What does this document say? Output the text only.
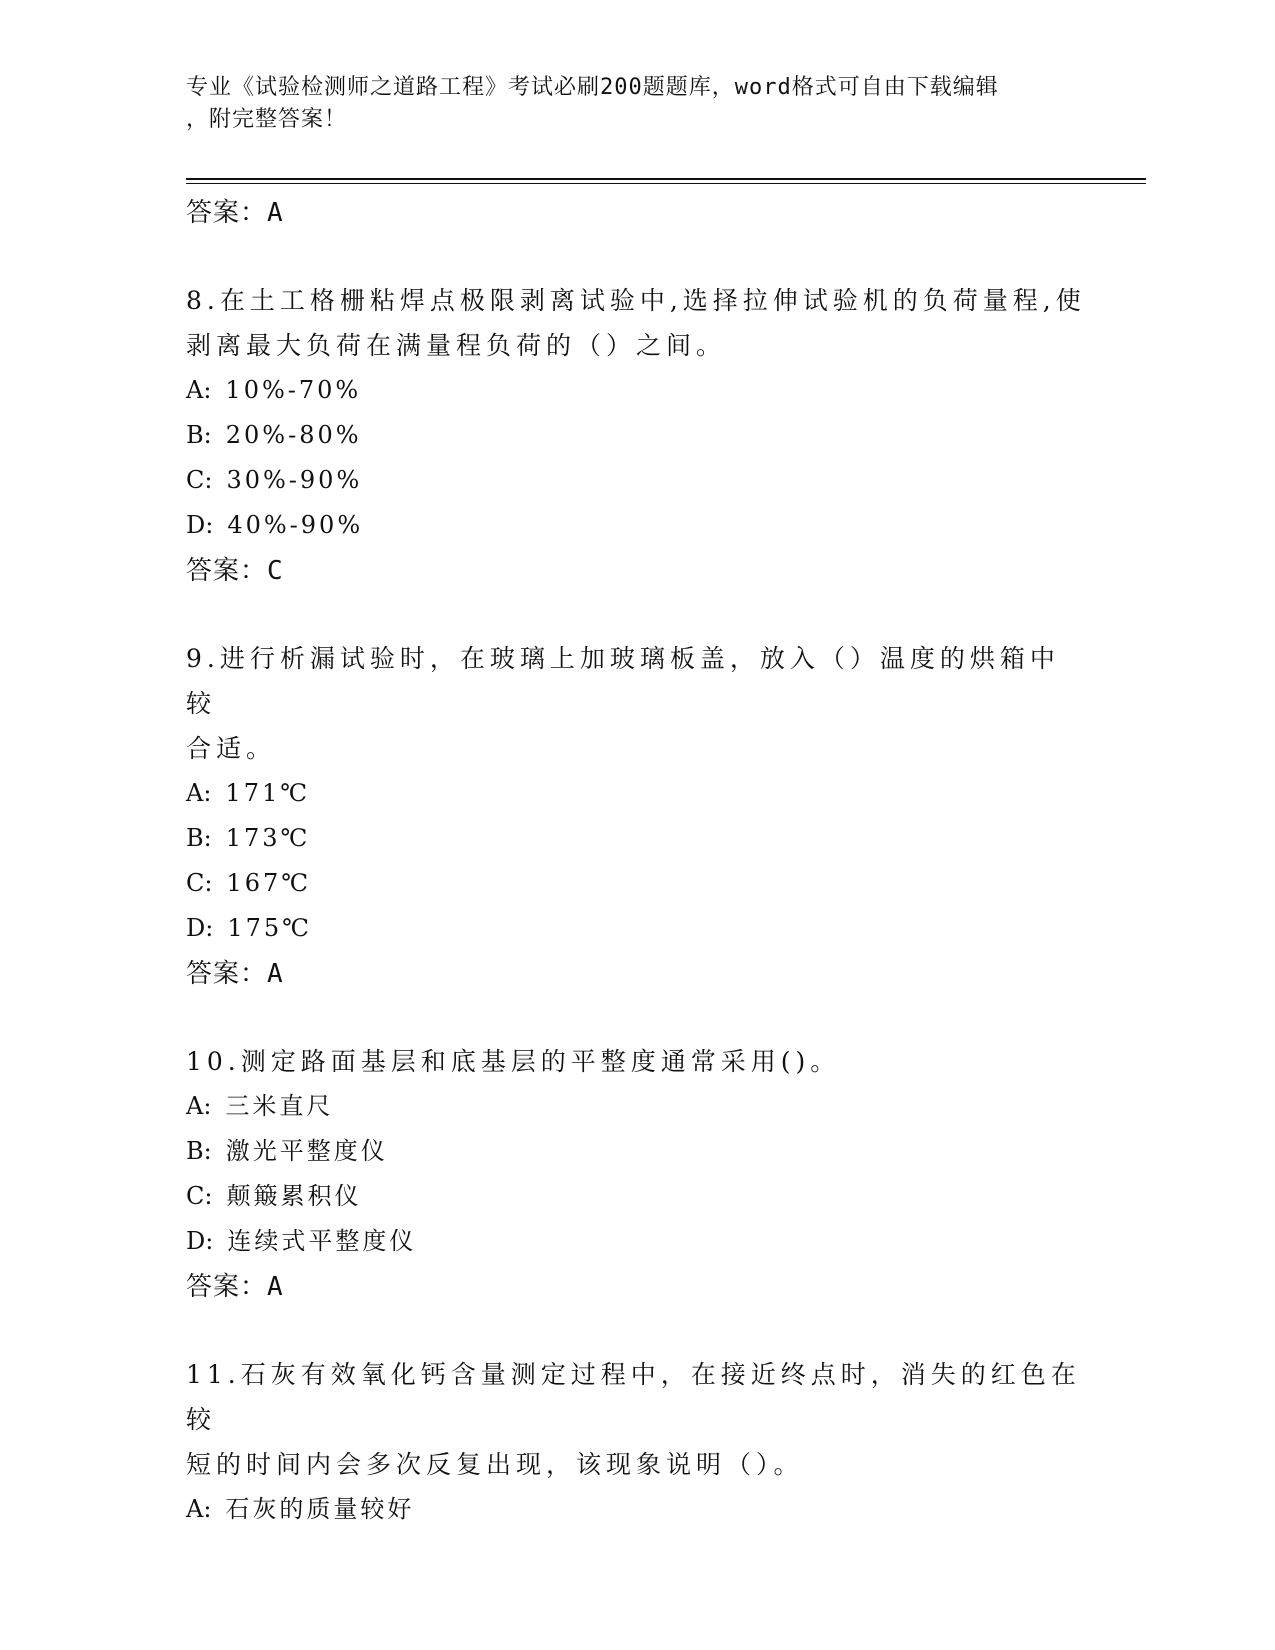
专业《试验检测师之道路工程》考试必刷200题题库，word格式可自由下载编辑
，附完整答案！

答案：A

8.在土工格栅粘焊点极限剥离试验中,选择拉伸试验机的负荷量程,使

剥离最大负荷在满量程负荷的（）之间。

A: 10%-70%

B: 20%-80%

C: 30%-90%

D: 40%-90%

答案：C

9.进行析漏试验时，在玻璃上加玻璃板盖，放入（）温度的烘箱中较

合适。

A: 171℃

B: 173℃

C: 167℃

D: 175℃

答案：A

10.测定路面基层和底基层的平整度通常采用()。

A: 三米直尺

B: 激光平整度仪

C: 颠簸累积仪

D: 连续式平整度仪

答案：A

11.石灰有效氧化钙含量测定过程中，在接近终点时，消失的红色在较

短的时间内会多次反复出现，该现象说明（）。

A: 石灰的质量较好
